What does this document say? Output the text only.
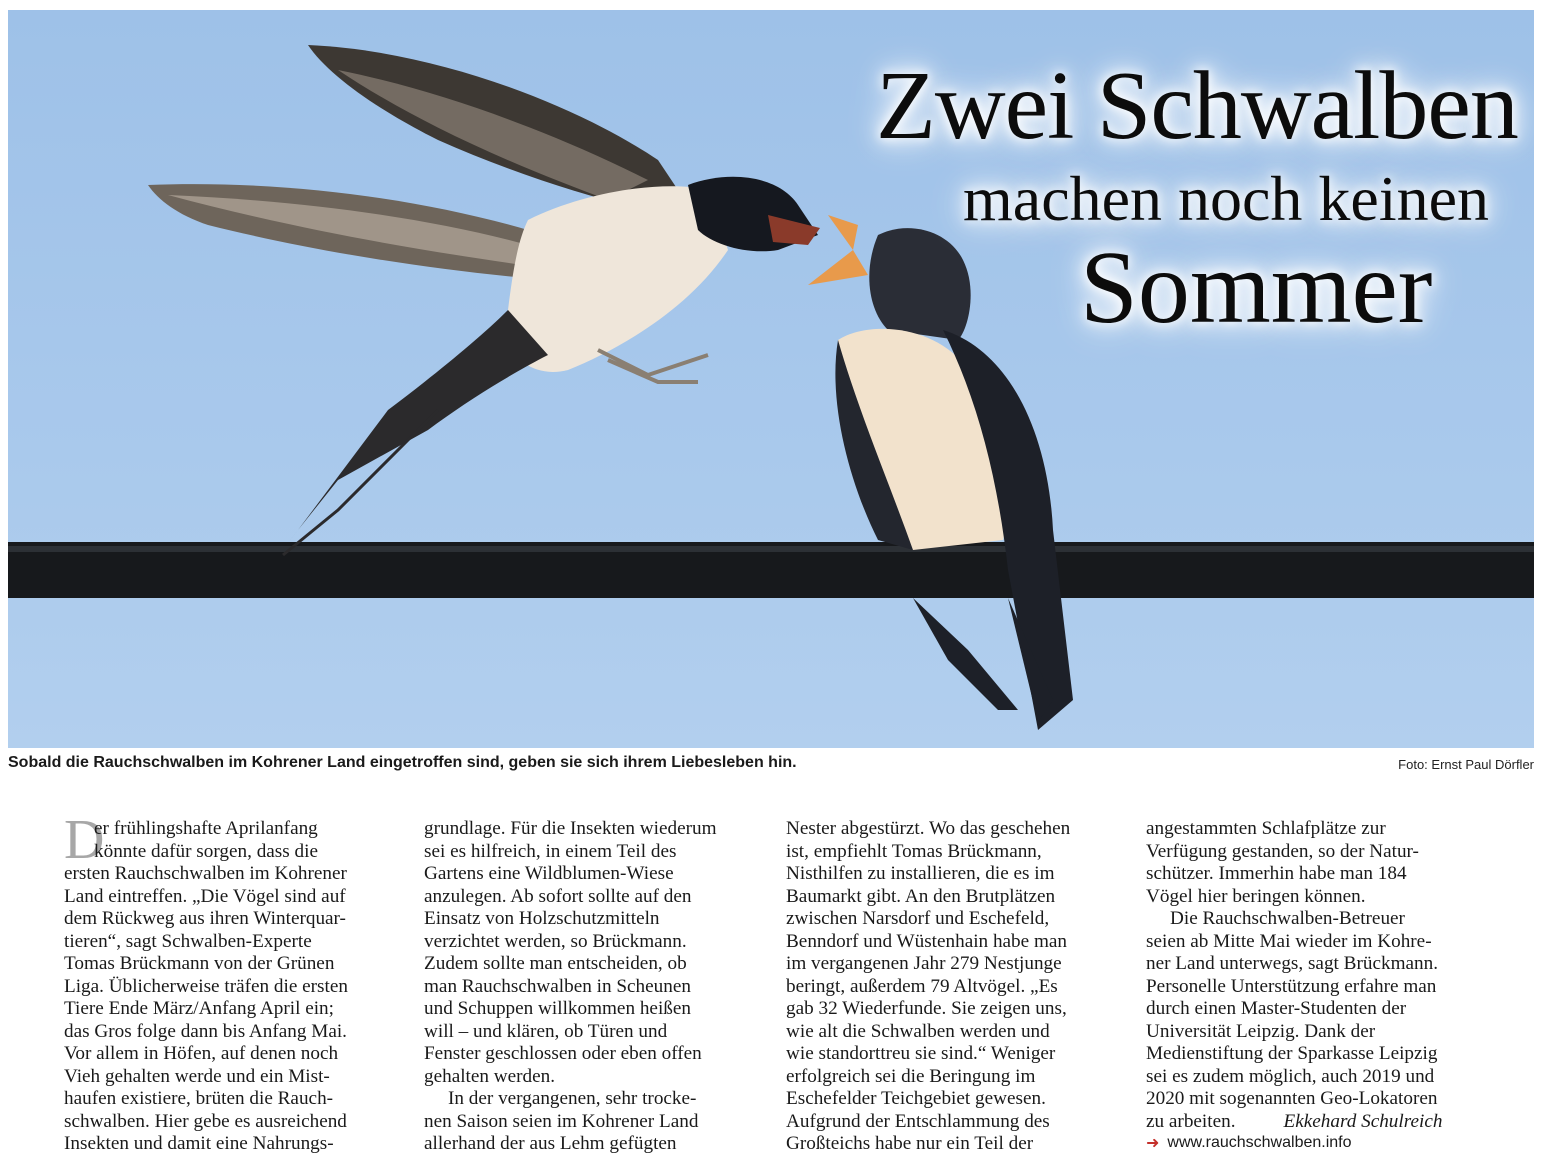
Zwei Schwalben
machen noch keinen
Sommer
Sobald die Rauchschwalben im Kohrener Land eingetroffen sind, geben sie sich ihrem Liebesleben hin.	Foto: Ernst Paul Dörfler
D
er frühlingshafte Aprilanfang
könnte dafür sorgen, dass die
ersten Rauchschwalben im Kohrener
Land eintreffen. „Die Vögel sind auf
dem Rückweg aus ihren Winterquar-
tieren“, sagt Schwalben-Experte
Tomas Brückmann von der Grünen
Liga. Üblicherweise träfen die ersten
Tiere Ende März/Anfang April ein;
das Gros folge dann bis Anfang Mai.
Vor allem in Höfen, auf denen noch
Vieh gehalten werde und ein Mist-
haufen existiere, brüten die Rauch-
schwalben. Hier gebe es ausreichend
Insekten und damit eine Nahrungs-
grundlage. Für die Insekten wiederum
sei es hilfreich, in einem Teil des
Gartens eine Wildblumen-Wiese
anzulegen. Ab sofort sollte auf den
Einsatz von Holzschutzmitteln
verzichtet werden, so Brückmann.
Zudem sollte man entscheiden, ob
man Rauchschwalben in Scheunen
und Schuppen willkommen heißen
will – und klären, ob Türen und
Fenster geschlossen oder eben offen
gehalten werden.
In der vergangenen, sehr trocke-
nen Saison seien im Kohrener Land
allerhand der aus Lehm gefügten
Nester abgestürzt. Wo das geschehen
ist, empfiehlt Tomas Brückmann,
Nisthilfen zu installieren, die es im
Baumarkt gibt. An den Brutplätzen
zwischen Narsdorf und Eschefeld,
Benndorf und Wüstenhain habe man
im vergangenen Jahr 279 Nestjunge
beringt, außerdem 79 Altvögel. „Es
gab 32 Wiederfunde. Sie zeigen uns,
wie alt die Schwalben werden und
wie standorttreu sie sind.“ Weniger
erfolgreich sei die Beringung im
Eschefelder Teichgebiet gewesen.
Aufgrund der Entschlammung des
Großteichs habe nur ein Teil der
angestammten Schlafplätze zur
Verfügung gestanden, so der Natur-
schützer. Immerhin habe man 184
Vögel hier beringen können.
Die Rauchschwalben-Betreuer
seien ab Mitte Mai wieder im Kohre-
ner Land unterwegs, sagt Brückmann.
Personelle Unterstützung erfahre man
durch einen Master-Studenten der
Universität Leipzig. Dank der
Medienstiftung der Sparkasse Leipzig
sei es zudem möglich, auch 2019 und
2020 mit sogenannten Geo-Lokatoren
zu arbeiten.	Ekkehard Schulreich
➜ www.rauchschwalben.info
